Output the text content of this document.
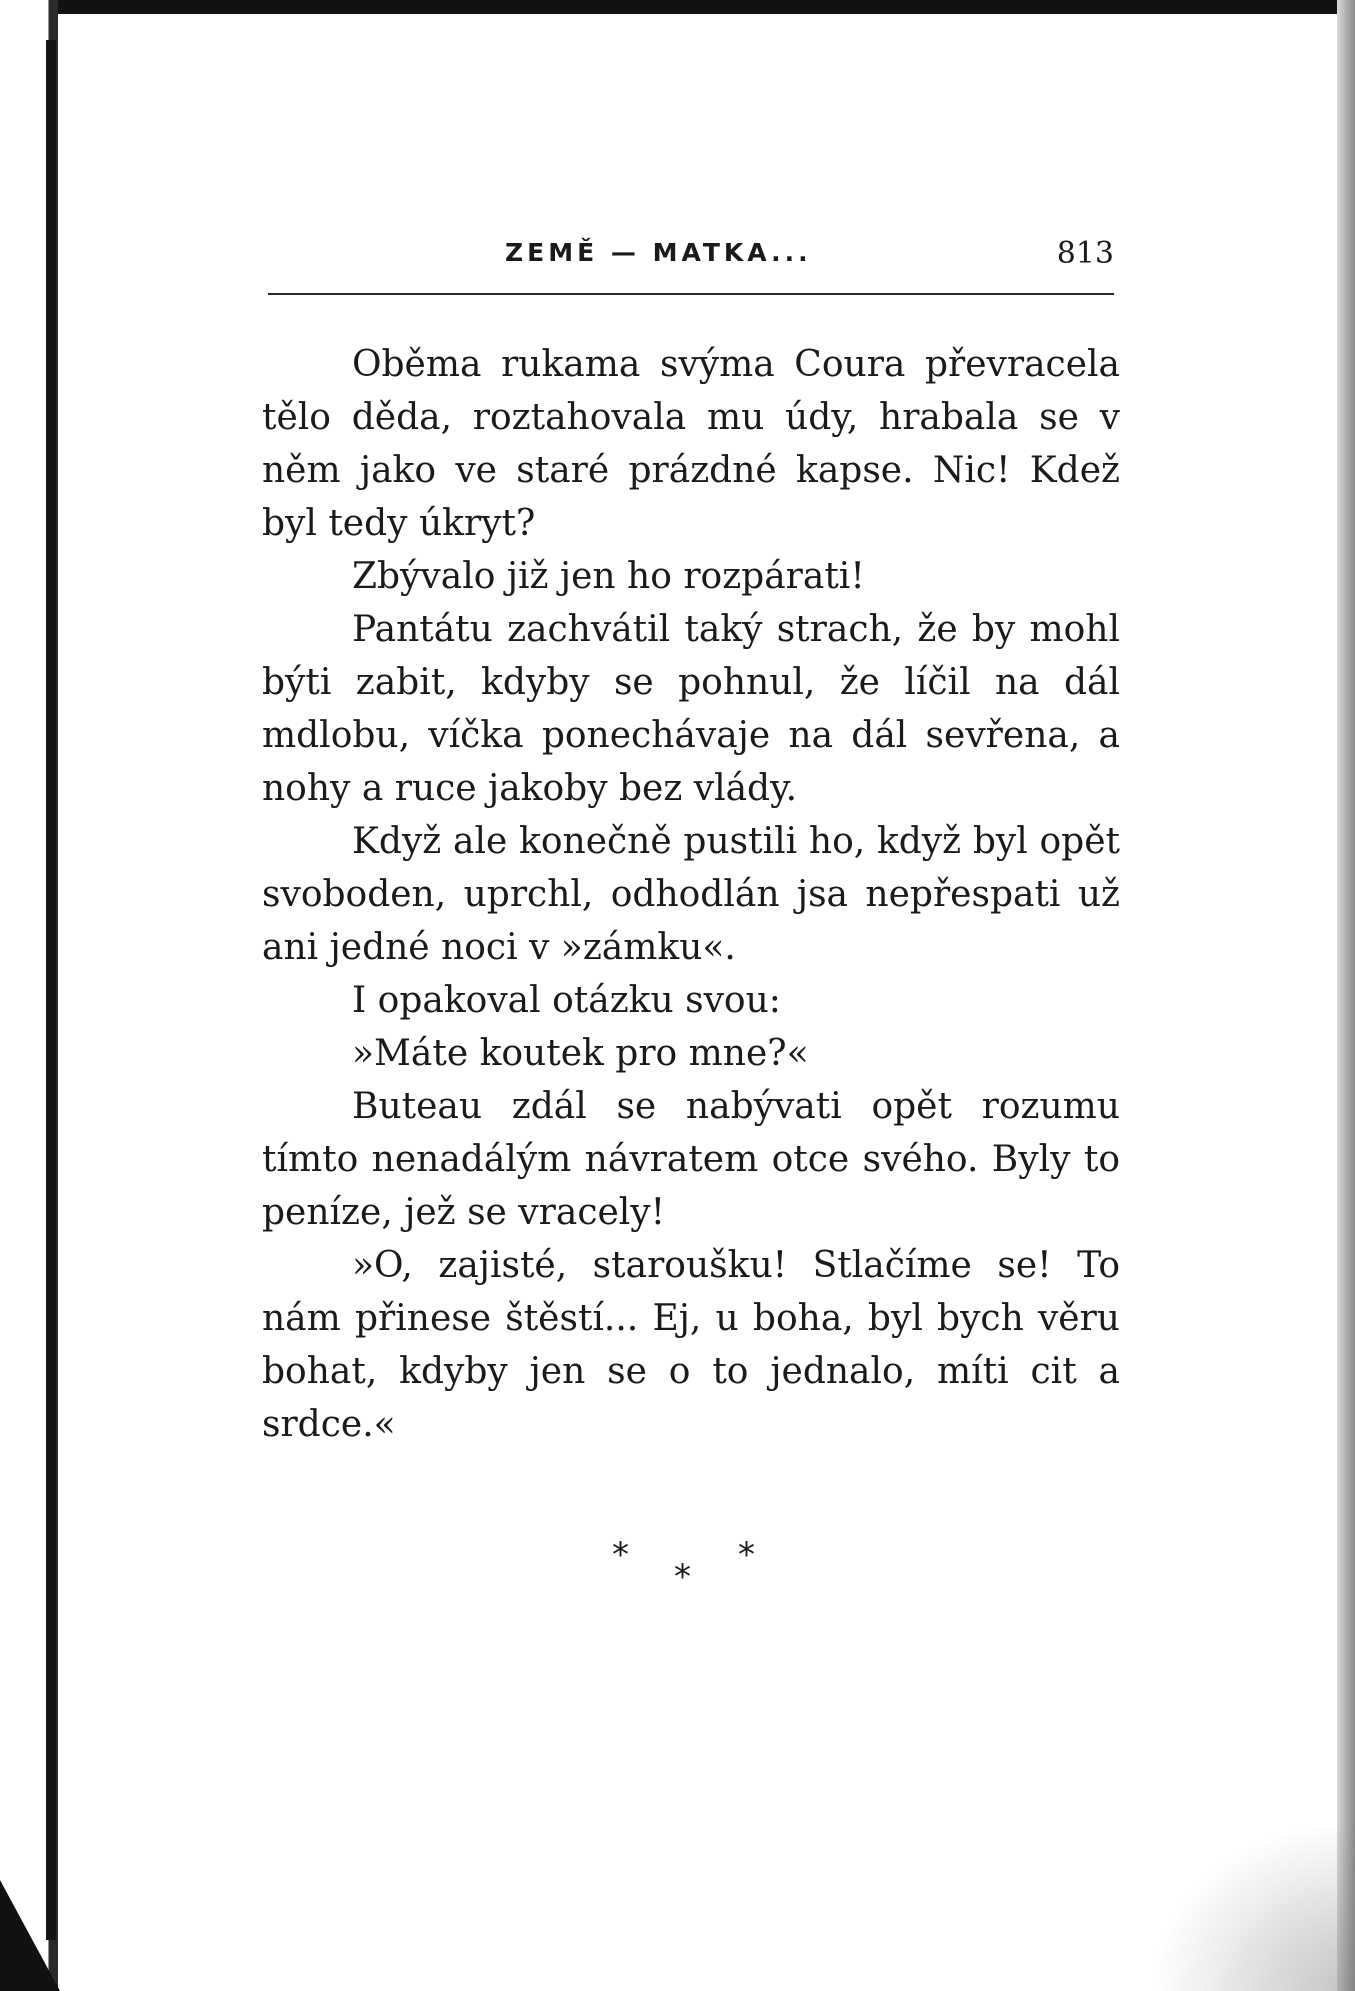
ZEMĚ — MATKA...	813

Oběma rukama svýma Coura převracela tělo děda, roztahovala mu údy, hrabala se v něm jako ve staré prázdné kapse. Nic! Kdež byl tedy úkryt?

Zbývalo již jen ho rozpárati!

Pantátu zachvátil taký strach, že by mohl býti zabit, kdyby se pohnul, že líčil na dál mdlobu, víčka ponechávaje na dál sevřena, a nohy a ruce jakoby bez vlády.

Když ale konečně pustili ho, když byl opět svoboden, uprchl, odhodlán jsa nepřespati už ani jedné noci v »zámku«.

I opakoval otázku svou:

»Máte koutek pro mne?«

Buteau zdál se nabývati opět rozumu tímto nenadálým návratem otce svého. Byly to peníze, jež se vracely!

»O, zajisté, staroušku! Stlačíme se! To nám přinese štěstí... Ej, u boha, byl bych věru bohat, kdyby jen se o to jednalo, míti cit a srdce.«

*
*
*
